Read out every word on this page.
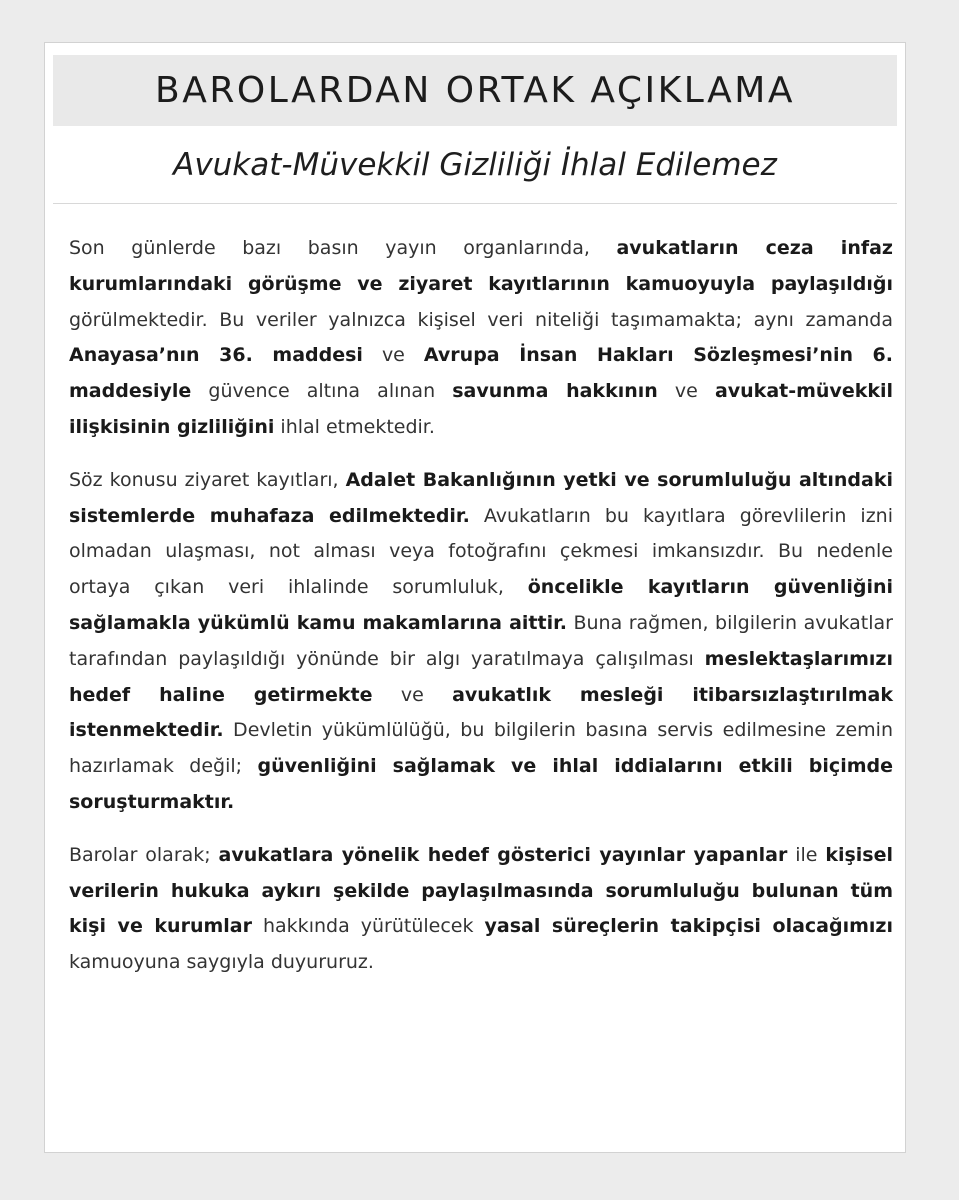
BAROLARDAN ORTAK AÇIKLAMA
Avukat-Müvekkil Gizliliği İhlal Edilemez

Son günlerde bazı basın yayın organlarında, avukatların ceza infaz kurumlarındaki görüşme ve ziyaret kayıtlarının kamuoyuyla paylaşıldığı görülmektedir. Bu veriler yalnızca kişisel veri niteliği taşımamakta; aynı zamanda Anayasa’nın 36. maddesi ve Avrupa İnsan Hakları Sözleşmesi’nin 6. maddesiyle güvence altına alınan savunma hakkının ve avukat-müvekkil ilişkisinin gizliliğini ihlal etmektedir.

Söz konusu ziyaret kayıtları, Adalet Bakanlığının yetki ve sorumluluğu altındaki sistemlerde muhafaza edilmektedir. Avukatların bu kayıtlara görevlilerin izni olmadan ulaşması, not alması veya fotoğrafını çekmesi imkansızdır. Bu nedenle ortaya çıkan veri ihlalinde sorumluluk, öncelikle kayıtların güvenliğini sağlamakla yükümlü kamu makamlarına aittir. Buna rağmen, bilgilerin avukatlar tarafından paylaşıldığı yönünde bir algı yaratılmaya çalışılması meslektaşlarımızı hedef haline getirmekte ve avukatlık mesleği itibarsızlaştırılmak istenmektedir. Devletin yükümlülüğü, bu bilgilerin basına servis edilmesine zemin hazırlamak değil; güvenliğini sağlamak ve ihlal iddialarını etkili biçimde soruşturmaktır.

Barolar olarak; avukatlara yönelik hedef gösterici yayınlar yapanlar ile kişisel verilerin hukuka aykırı şekilde paylaşılmasında sorumluluğu bulunan tüm kişi ve kurumlar hakkında yürütülecek yasal süreçlerin takipçisi olacağımızı kamuoyuna saygıyla duyururuz.
